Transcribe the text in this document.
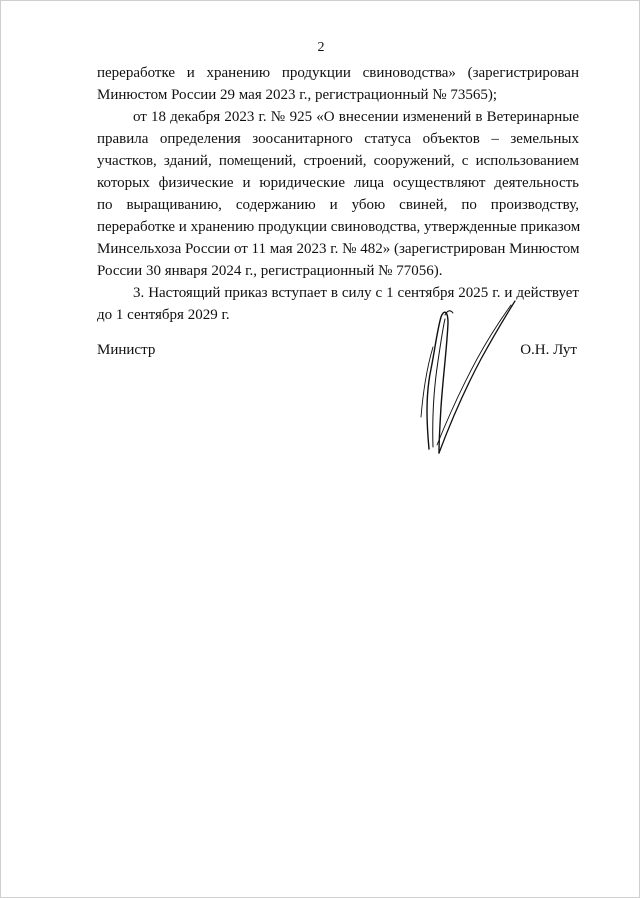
2

переработке и хранению продукции свиноводства» (зарегистрирован
Минюстом России 29 мая 2023 г., регистрационный № 73565);

от 18 декабря 2023 г. № 925 «О внесении изменений в Ветеринарные
правила определения зоосанитарного статуса объектов – земельных
участков, зданий, помещений, строений, сооружений, с использованием
которых физические и юридические лица осуществляют деятельность
по выращиванию, содержанию и убою свиней, по производству,
переработке и хранению продукции свиноводства, утвержденные приказом
Минсельхоза России от 11 мая 2023 г. № 482» (зарегистрирован Минюстом
России 30 января 2024 г., регистрационный № 77056).

3. Настоящий приказ вступает в силу с 1 сентября 2025 г. и действует
до 1 сентября 2029 г.

Министр	О.Н. Лут
